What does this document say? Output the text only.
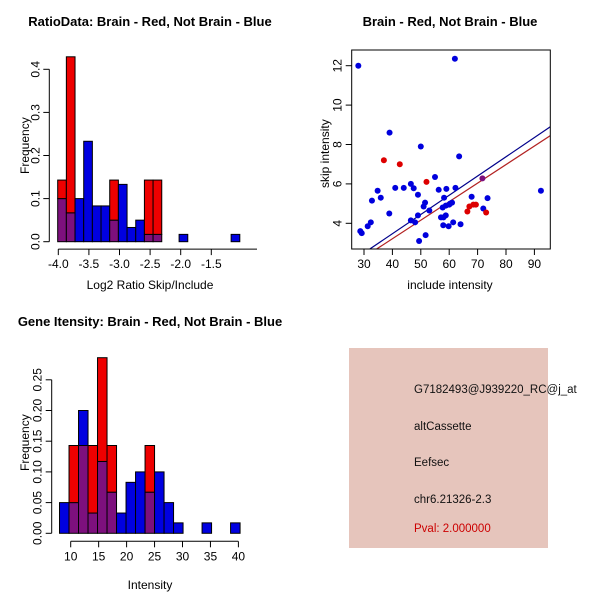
RatioData: Brain - Red, Not Brain - Blue
-4.0 -3.5 -3.0 -2.5 -2.0 -1.5
0.0
0.1
0.2
0.3
0.4
Frequency
Log2 Ratio Skip/Include
Brain - Red, Not Brain - Blue
30 40 50 60 70 80 90
4
6
8
10
12
skip intensity
include intensity
Gene Itensity: Brain - Red, Not Brain - Blue
10 15 20 25 30 35 40
0.00
0.05
0.10
0.15
0.20
0.25
Frequency
Intensity
G7182493@J939220_RC@j_at
altCassette
Eefsec
chr6.21326-2.3
Pval: 2.000000
